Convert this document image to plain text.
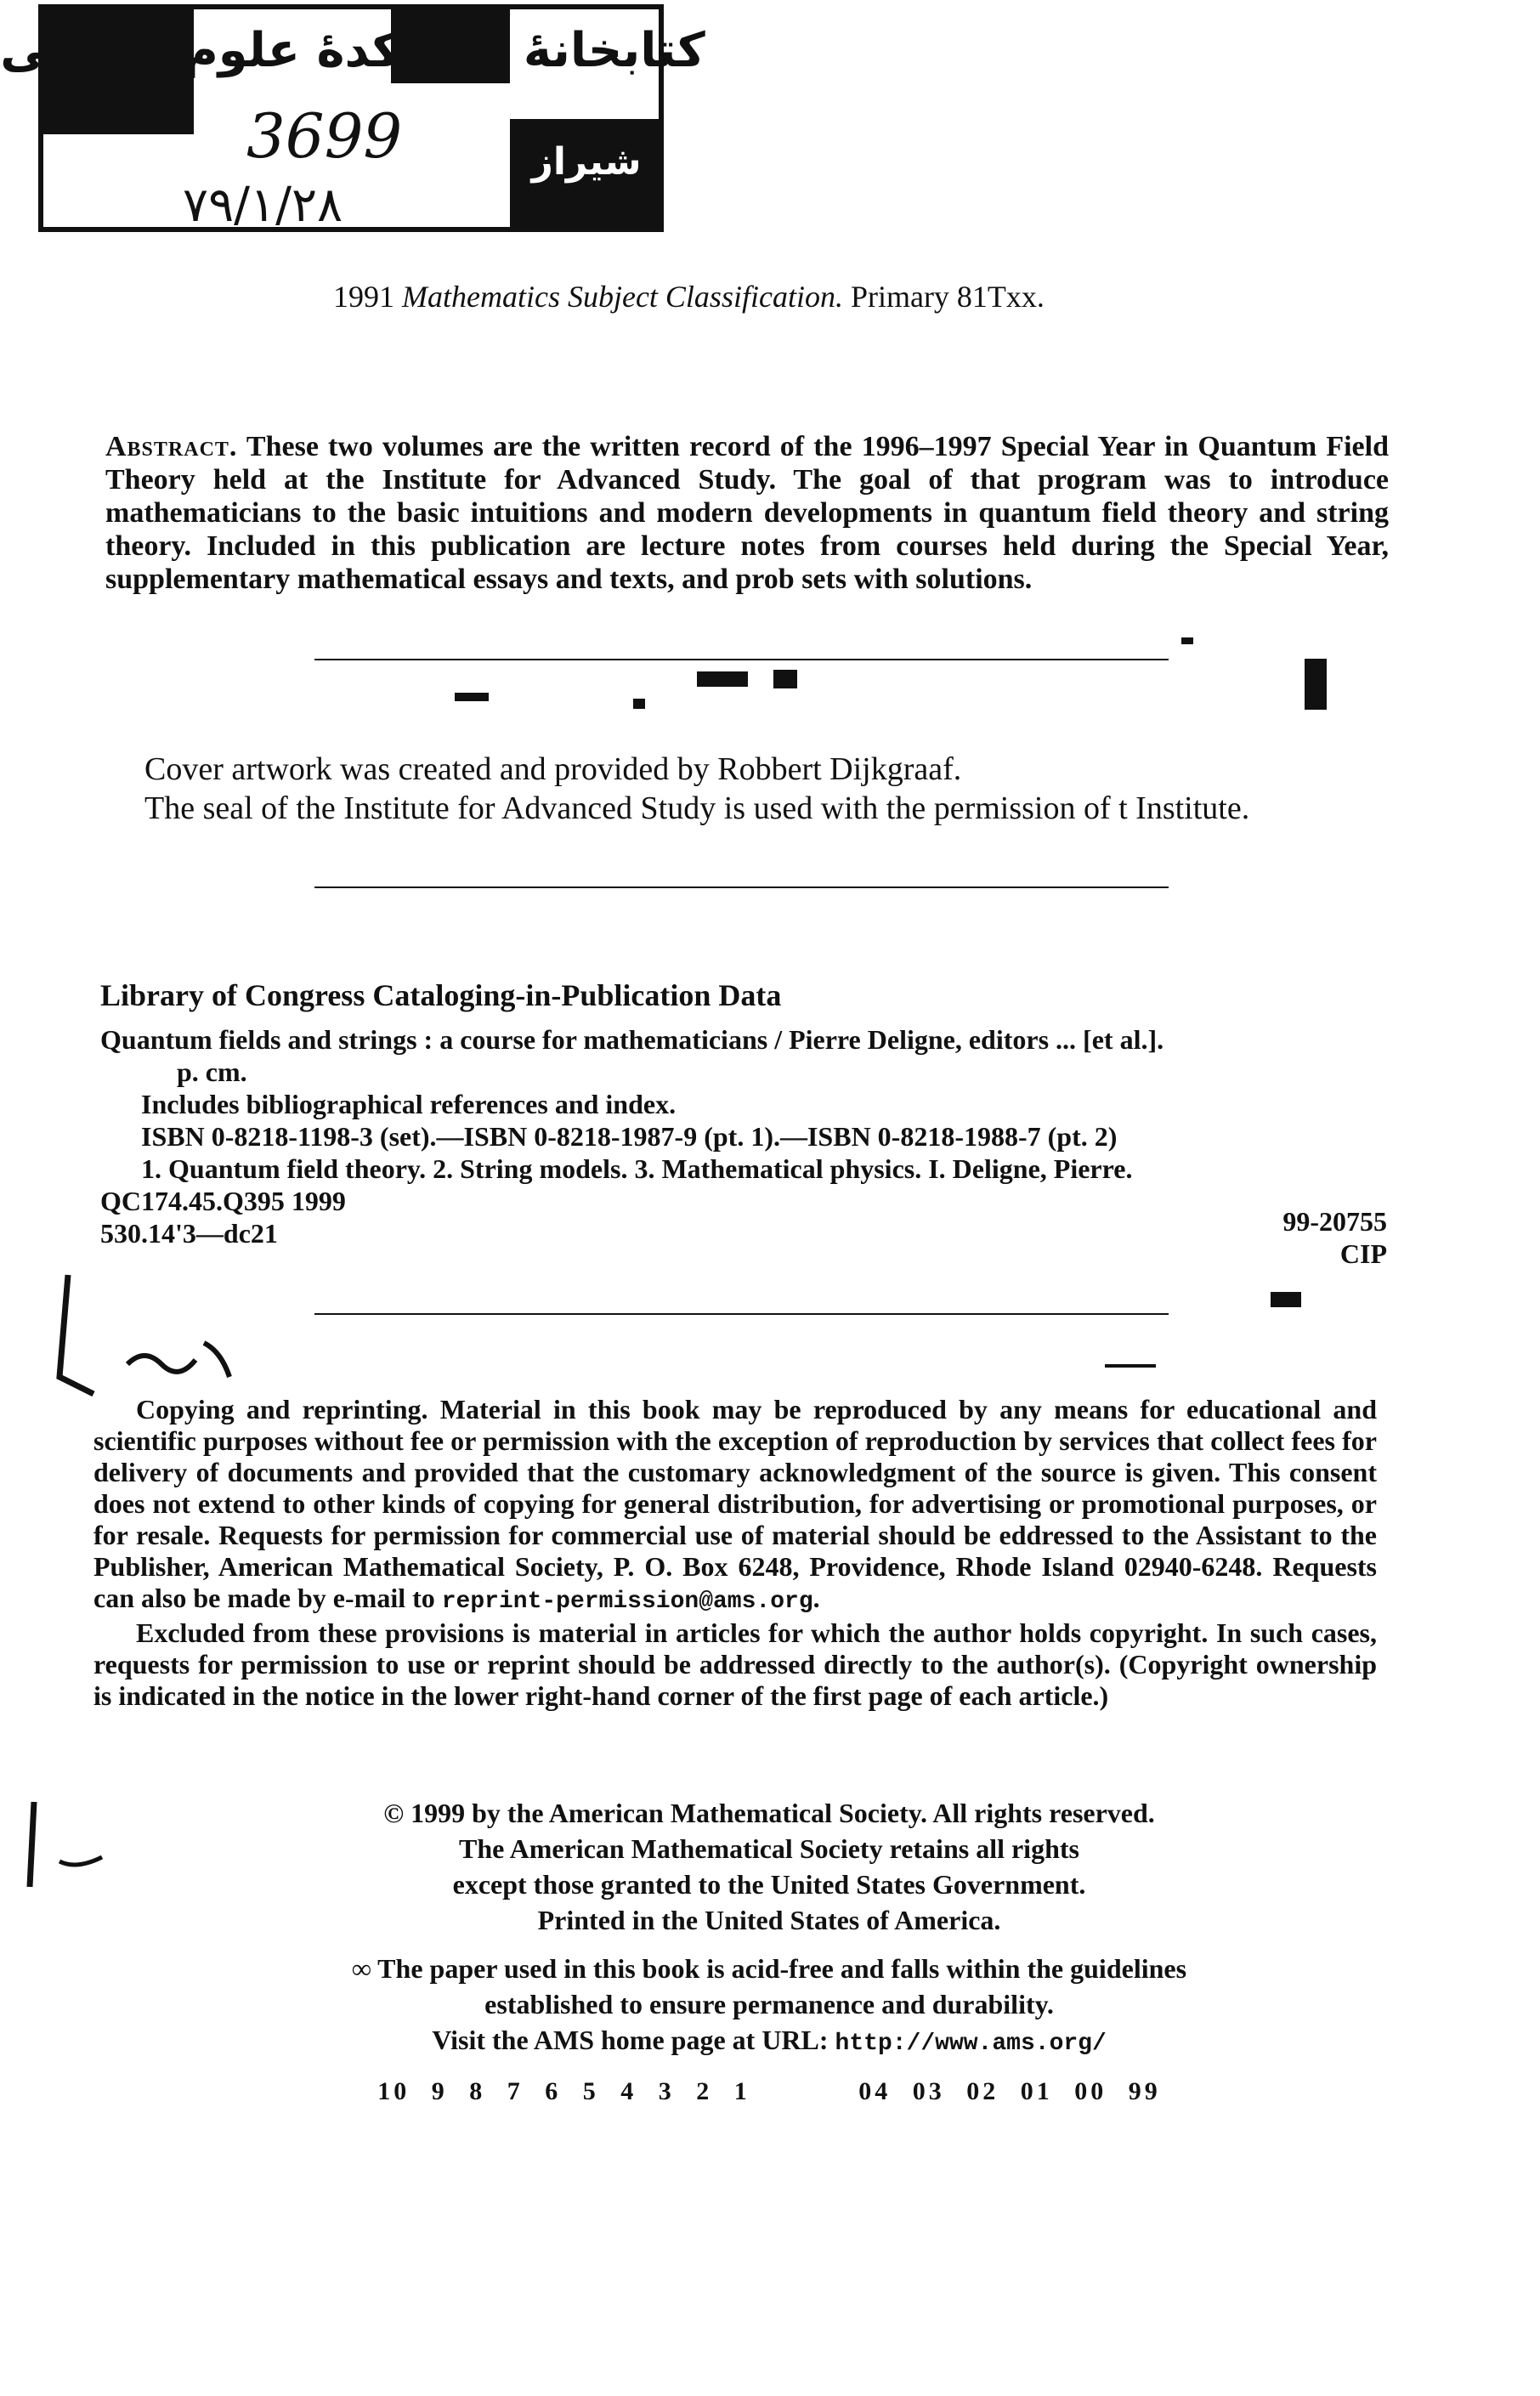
كتابخانهٔ دانشکدهٔ علوم انسانی
شیراز
3699
٧٩/١/٢٨
1991 Mathematics Subject Classification. Primary 81Txx.
Abstract. These two volumes are the written record of the 1996–1997 Special Year in Quantum Field Theory held at the Institute for Advanced Study. The goal of that program was to introduce mathematicians to the basic intuitions and modern developments in quantum field theory and string theory. Included in this publication are lecture notes from courses held during the Special Year, supplementary mathematical essays and texts, and prob sets with solutions.
Cover artwork was created and provided by Robbert Dijkgraaf.
The seal of the Institute for Advanced Study is used with the permission of t Institute.
Library of Congress Cataloging-in-Publication Data
Quantum fields and strings : a course for mathematicians / Pierre Deligne, editors ... [et al.].
p. cm.
Includes bibliographical references and index.
ISBN 0-8218-1198-3 (set).—ISBN 0-8218-1987-9 (pt. 1).—ISBN 0-8218-1988-7 (pt. 2)
1. Quantum field theory. 2. String models. 3. Mathematical physics. I. Deligne, Pierre.
QC174.45.Q395 1999
530.14'3—dc21	99-20755
CIP

Copying and reprinting. Material in this book may be reproduced by any means for educational and scientific purposes without fee or permission with the exception of reproduction by services that collect fees for delivery of documents and provided that the customary acknowledgment of the source is given. This consent does not extend to other kinds of copying for general distribution, for advertising or promotional purposes, or for resale. Requests for permission for commercial use of material should be eddressed to the Assistant to the Publisher, American Mathematical Society, P. O. Box 6248, Providence, Rhode Island 02940-6248. Requests can also be made by e-mail to reprint-permission@ams.org.

Excluded from these provisions is material in articles for which the author holds copyright. In such cases, requests for permission to use or reprint should be addressed directly to the author(s). (Copyright ownership is indicated in the notice in the lower right-hand corner of the first page of each article.)

© 1999 by the American Mathematical Society. All rights reserved.
The American Mathematical Society retains all rights
except those granted to the United States Government.
Printed in the United States of America.
∞ The paper used in this book is acid-free and falls within the guidelines
established to ensure permanence and durability.
Visit the AMS home page at URL: http://www.ams.org/
10 9 8 7 6 5 4 3 2 1	04 03 02 01 00 99
